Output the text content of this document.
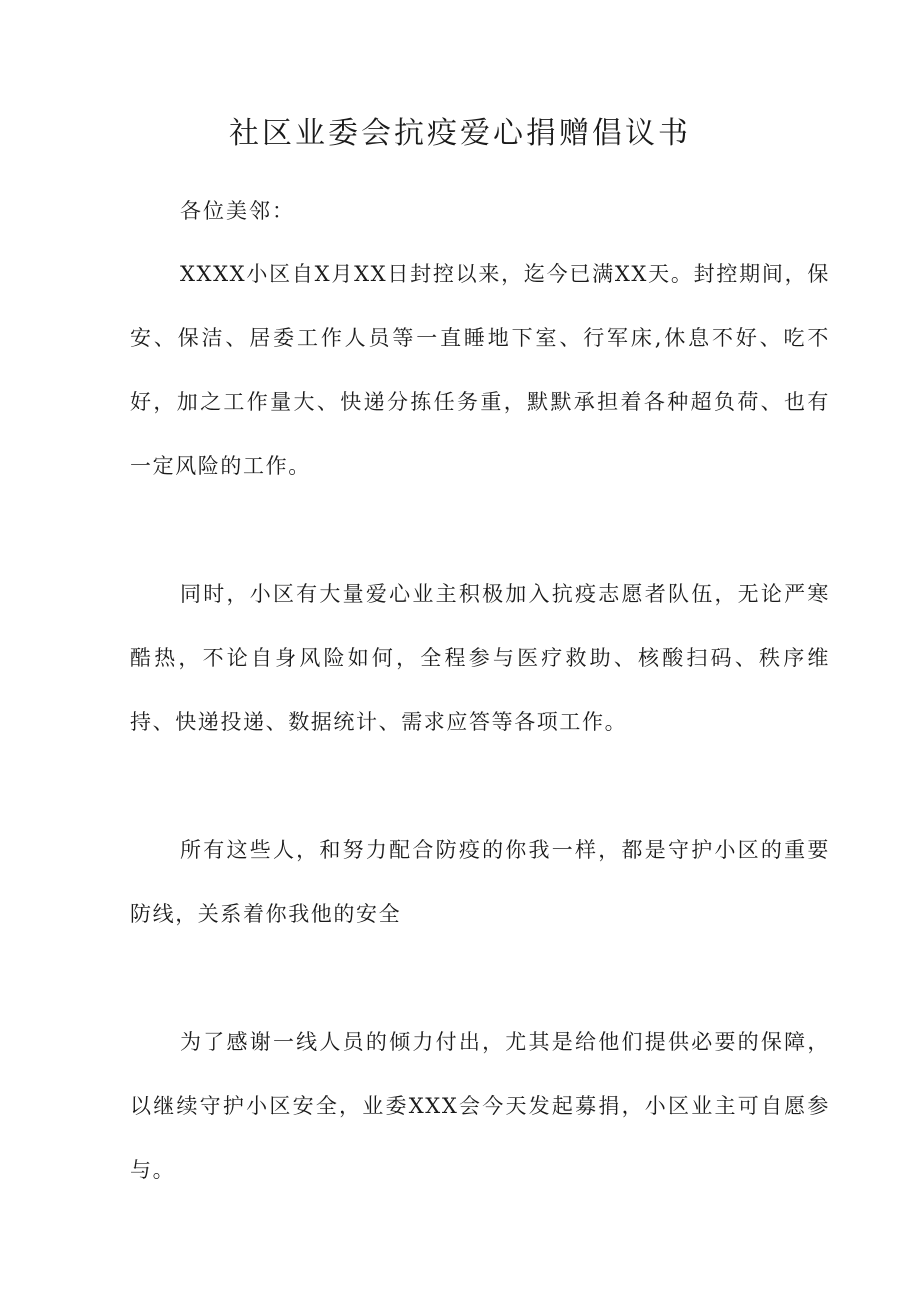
社区业委会抗疫爱心捐赠倡议书

各位美邻：

XXXX小区自X月XX日封控以来，迄今已满XX天。封控期间，保安、保洁、居委工作人员等一直睡地下室、行军床,休息不好、吃不好，加之工作量大、快递分拣任务重，默默承担着各种超负荷、也有一定风险的工作。

同时，小区有大量爱心业主积极加入抗疫志愿者队伍，无论严寒酷热，不论自身风险如何，全程参与医疗救助、核酸扫码、秩序维持、快递投递、数据统计、需求应答等各项工作。

所有这些人，和努力配合防疫的你我一样，都是守护小区的重要防线，关系着你我他的安全

为了感谢一线人员的倾力付出，尤其是给他们提供必要的保障，以继续守护小区安全，业委XXX会今天发起募捐，小区业主可自愿参与。
